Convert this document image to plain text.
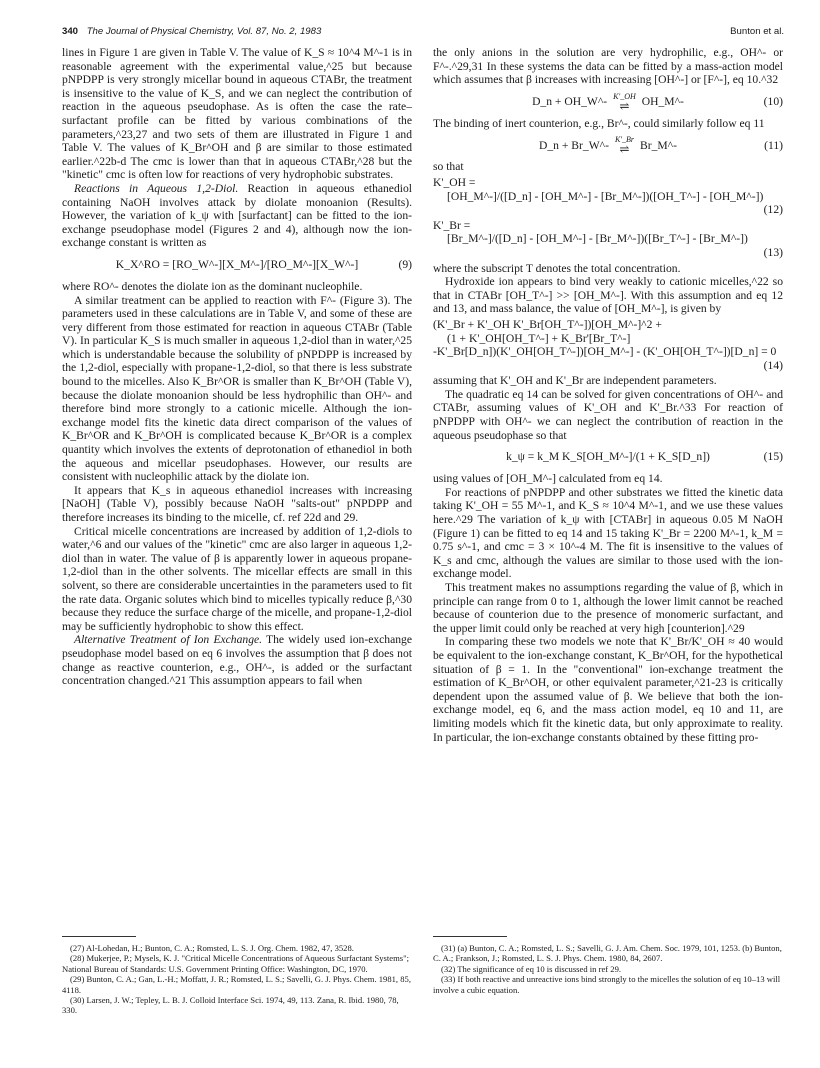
340 The Journal of Physical Chemistry, Vol. 87, No. 2, 1983	Bunton et al.

lines in Figure 1 are given in Table V. The value of K_S ≈ 10^4 M^-1 is in reasonable agreement with the experimental value,^25 but because pNPDPP is very strongly micellar bound in aqueous CTABr, the treatment is insensitive to the value of K_S, and we can neglect the contribution of reaction in the aqueous pseudophase. As is often the case the rate–surfactant profile can be fitted by various combinations of the parameters,^23,27 and two sets of them are illustrated in Figure 1 and Table V. The values of K_Br^OH and β are similar to those estimated earlier.^22b-d The cmc is lower than that in aqueous CTABr,^28 but the "kinetic" cmc is often low for reactions of very hydrophobic substrates.

Reactions in Aqueous 1,2-Diol. Reaction in aqueous ethanediol containing NaOH involves attack by diolate monoanion (Results). However, the variation of k_ψ with [surfactant] can be fitted to the ion-exchange pseudophase model (Figures 2 and 4), although now the ion-exchange constant is written as

K_X^RO = [RO_W^-][X_M^-]/[RO_M^-][X_W^-]	(9)

where RO^- denotes the diolate ion as the dominant nucleophile.

A similar treatment can be applied to reaction with F^- (Figure 3). The parameters used in these calculations are in Table V, and some of these are very different from those estimated for reaction in aqueous CTABr (Table V). In particular K_S is much smaller in aqueous 1,2-diol than in water,^25 which is understandable because the solubility of pNPDPP is increased by the 1,2-diol, especially with propane-1,2-diol, so that there is less substrate bound to the micelles. Also K_Br^OR is smaller than K_Br^OH (Table V), because the diolate monoanion should be less hydrophilic than OH^- and therefore bind more strongly to a cationic micelle. Although the ion-exchange model fits the kinetic data direct comparison of the values of K_Br^OR and K_Br^OH is complicated because K_Br^OR is a complex quantity which involves the extents of deprotonation of ethanediol in both the aqueous and micellar pseudophases. However, our results are consistent with nucleophilic attack by the diolate ion.

It appears that K_s in aqueous ethanediol increases with increasing [NaOH] (Table V), possibly because NaOH "salts-out" pNPDPP and therefore increases its binding to the micelle, cf. ref 22d and 29.

Critical micelle concentrations are increased by addition of 1,2-diols to water,^6 and our values of the "kinetic" cmc are also larger in aqueous 1,2-diol than in water. The value of β is apparently lower in aqueous propane-1,2-diol than in the other solvents. The micellar effects are small in this solvent, so there are considerable uncertainties in the parameters used to fit the rate data. Organic solutes which bind to micelles typically reduce β,^30 because they reduce the surface charge of the micelle, and propane-1,2-diol may be sufficiently hydrophobic to show this effect.

Alternative Treatment of Ion Exchange. The widely used ion-exchange pseudophase model based on eq 6 involves the assumption that β does not change as reactive counterion, e.g., OH^-, is added or the surfactant concentration changed.^21 This assumption appears to fail when

the only anions in the solution are very hydrophilic, e.g., OH^- or F^-.^29,31 In these systems the data can be fitted by a mass-action model which assumes that β increases with increasing [OH^-] or [F^-], eq 10.^32

D_n + OH_W^- K'_OH
⇌ OH_M^-	(10)

The binding of inert counterion, e.g., Br^-, could similarly follow eq 11

D_n + Br_W^- K'_Br
⇌ Br_M^-	(11)

so that

K'_OH =
[OH_M^-]/([D_n] - [OH_M^-] - [Br_M^-])([OH_T^-] - [OH_M^-])
(12)
K'_Br =
[Br_M^-]/([D_n] - [OH_M^-] - [Br_M^-])([Br_T^-] - [Br_M^-])
(13)

where the subscript T denotes the total concentration.

Hydroxide ion appears to bind very weakly to cationic micelles,^22 so that in CTABr [OH_T^-] >> [OH_M^-]. With this assumption and eq 12 and 13, and mass balance, the value of [OH_M^-], is given by

(K'_Br + K'_OH K'_Br[OH_T^-])[OH_M^-]^2 +
(1 + K'_OH[OH_T^-] + K_Br'[Br_T^-]
-K'_Br[D_n])(K'_OH[OH_T^-])[OH_M^-] - (K'_OH[OH_T^-])[D_n] = 0
(14)

assuming that K'_OH and K'_Br are independent parameters.

The quadratic eq 14 can be solved for given concentrations of OH^- and CTABr, assuming values of K'_OH and K'_Br.^33 For reaction of pNPDPP with OH^- we can neglect the contribution of reaction in the aqueous pseudophase so that

k_ψ = k_M K_S[OH_M^-]/(1 + K_S[D_n])	(15)

using values of [OH_M^-] calculated from eq 14.

For reactions of pNPDPP and other substrates we fitted the kinetic data taking K'_OH = 55 M^-1, and K_S ≈ 10^4 M^-1, and we use these values here.^29 The variation of k_ψ with [CTABr] in aqueous 0.05 M NaOH (Figure 1) can be fitted to eq 14 and 15 taking K'_Br = 2200 M^-1, k_M = 0.75 s^-1, and cmc = 3 × 10^-4 M. The fit is insensitive to the values of K_s and cmc, although the values are similar to those used with the ion-exchange model.

This treatment makes no assumptions regarding the value of β, which in principle can range from 0 to 1, although the lower limit cannot be reached because of counterion due to the presence of monomeric surfactant, and the upper limit could only be reached at very high [counterion].^29

In comparing these two models we note that K'_Br/K'_OH ≈ 40 would be equivalent to the ion-exchange constant, K_Br^OH, for the hypothetical situation of β = 1. In the "conventional" ion-exchange treatment the estimation of K_Br^OH, or other equivalent parameter,^21-23 is critically dependent upon the assumed value of β. We believe that both the ion-exchange model, eq 6, and the mass action model, eq 10 and 11, are limiting models which fit the kinetic data, but only approximate to reality. In particular, the ion-exchange constants obtained by these fitting pro-

(27) Al-Lohedan, H.; Bunton, C. A.; Romsted, L. S. J. Org. Chem. 1982, 47, 3528.

(28) Mukerjee, P.; Mysels, K. J. "Critical Micelle Concentrations of Aqueous Surfactant Systems"; National Bureau of Standards: U.S. Government Printing Office: Washington, DC, 1970.

(29) Bunton, C. A.; Gan, L.-H.; Moffatt, J. R.; Romsted, L. S.; Savelli, G. J. Phys. Chem. 1981, 85, 4118.

(30) Larsen, J. W.; Tepley, L. B. J. Colloid Interface Sci. 1974, 49, 113. Zana, R. Ibid. 1980, 78, 330.

(31) (a) Bunton, C. A.; Romsted, L. S.; Savelli, G. J. Am. Chem. Soc. 1979, 101, 1253. (b) Bunton, C. A.; Frankson, J.; Romsted, L. S. J. Phys. Chem. 1980, 84, 2607.

(32) The significance of eq 10 is discussed in ref 29.

(33) If both reactive and unreactive ions bind strongly to the micelles the solution of eq 10–13 will involve a cubic equation.
